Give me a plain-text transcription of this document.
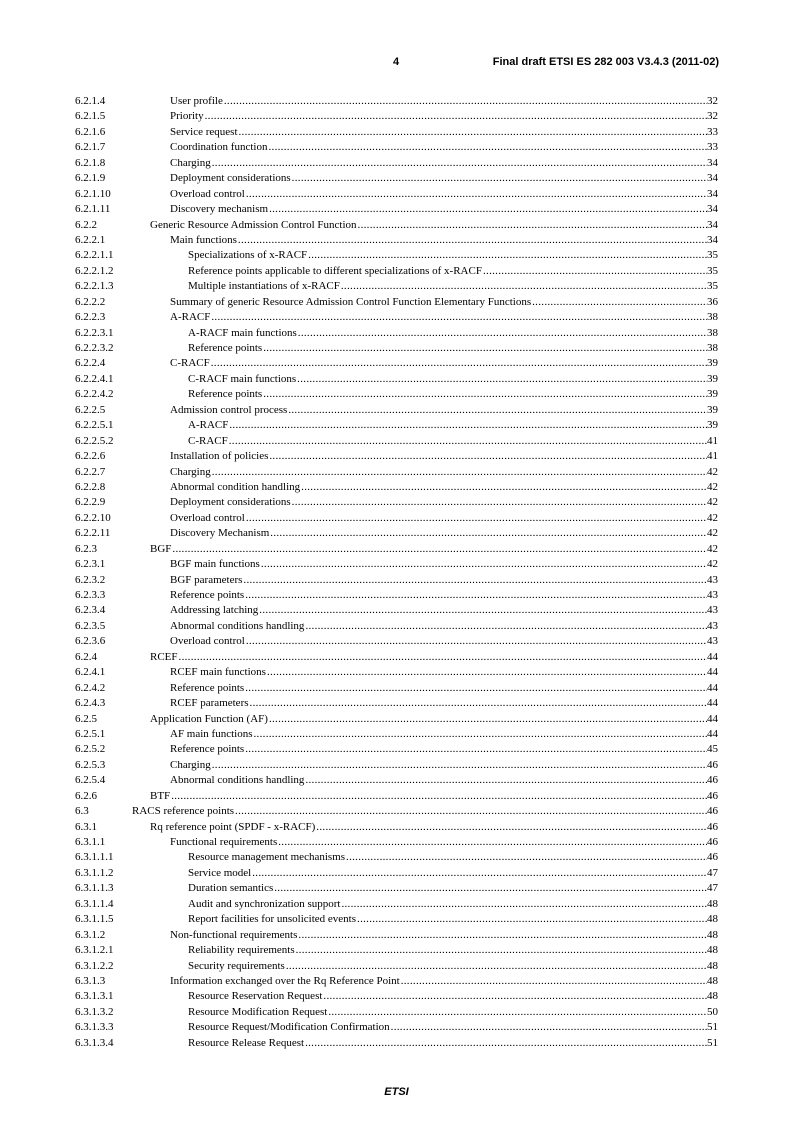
4	Final draft ETSI ES 282 003 V3.4.3 (2011-02)
6.2.1.4	User profile .....	32
6.2.1.5	Priority .....	32
6.2.1.6	Service request .....	33
6.2.1.7	Coordination function .....	33
6.2.1.8	Charging .....	34
6.2.1.9	Deployment considerations .....	34
6.2.1.10	Overload control .....	34
6.2.1.11	Discovery mechanism .....	34
6.2.2	Generic Resource Admission Control Function .....	34
6.2.2.1	Main functions .....	34
6.2.2.1.1	Specializations of x-RACF .....	35
6.2.2.1.2	Reference points applicable to different specializations of x-RACF .....	35
6.2.2.1.3	Multiple instantiations of x-RACF .....	35
6.2.2.2	Summary of generic Resource Admission Control Function Elementary Functions .....	36
6.2.2.3	A-RACF .....	38
6.2.2.3.1	A-RACF main functions .....	38
6.2.2.3.2	Reference points .....	38
6.2.2.4	C-RACF .....	39
6.2.2.4.1	C-RACF main functions .....	39
6.2.2.4.2	Reference points .....	39
6.2.2.5	Admission control process .....	39
6.2.2.5.1	A-RACF .....	39
6.2.2.5.2	C-RACF .....	41
6.2.2.6	Installation of policies .....	41
6.2.2.7	Charging .....	42
6.2.2.8	Abnormal condition handling .....	42
6.2.2.9	Deployment considerations .....	42
6.2.2.10	Overload control .....	42
6.2.2.11	Discovery Mechanism .....	42
6.2.3	BGF .....	42
6.2.3.1	BGF main functions .....	42
6.2.3.2	BGF parameters .....	43
6.2.3.3	Reference points .....	43
6.2.3.4	Addressing latching .....	43
6.2.3.5	Abnormal conditions handling .....	43
6.2.3.6	Overload control .....	43
6.2.4	RCEF .....	44
6.2.4.1	RCEF main functions .....	44
6.2.4.2	Reference points .....	44
6.2.4.3	RCEF parameters .....	44
6.2.5	Application Function (AF) .....	44
6.2.5.1	AF main functions .....	44
6.2.5.2	Reference points .....	45
6.2.5.3	Charging .....	46
6.2.5.4	Abnormal conditions handling .....	46
6.2.6	BTF .....	46
6.3	RACS reference points .....	46
6.3.1	Rq reference point (SPDF - x-RACF) .....	46
6.3.1.1	Functional requirements .....	46
6.3.1.1.1	Resource management mechanisms .....	46
6.3.1.1.2	Service model .....	47
6.3.1.1.3	Duration semantics .....	47
6.3.1.1.4	Audit and synchronization support .....	48
6.3.1.1.5	Report facilities for unsolicited events .....	48
6.3.1.2	Non-functional requirements .....	48
6.3.1.2.1	Reliability requirements .....	48
6.3.1.2.2	Security requirements .....	48
6.3.1.3	Information exchanged over the Rq Reference Point .....	48
6.3.1.3.1	Resource Reservation Request .....	48
6.3.1.3.2	Resource Modification Request .....	50
6.3.1.3.3	Resource Request/Modification Confirmation .....	51
6.3.1.3.4	Resource Release Request .....	51
ETSI
